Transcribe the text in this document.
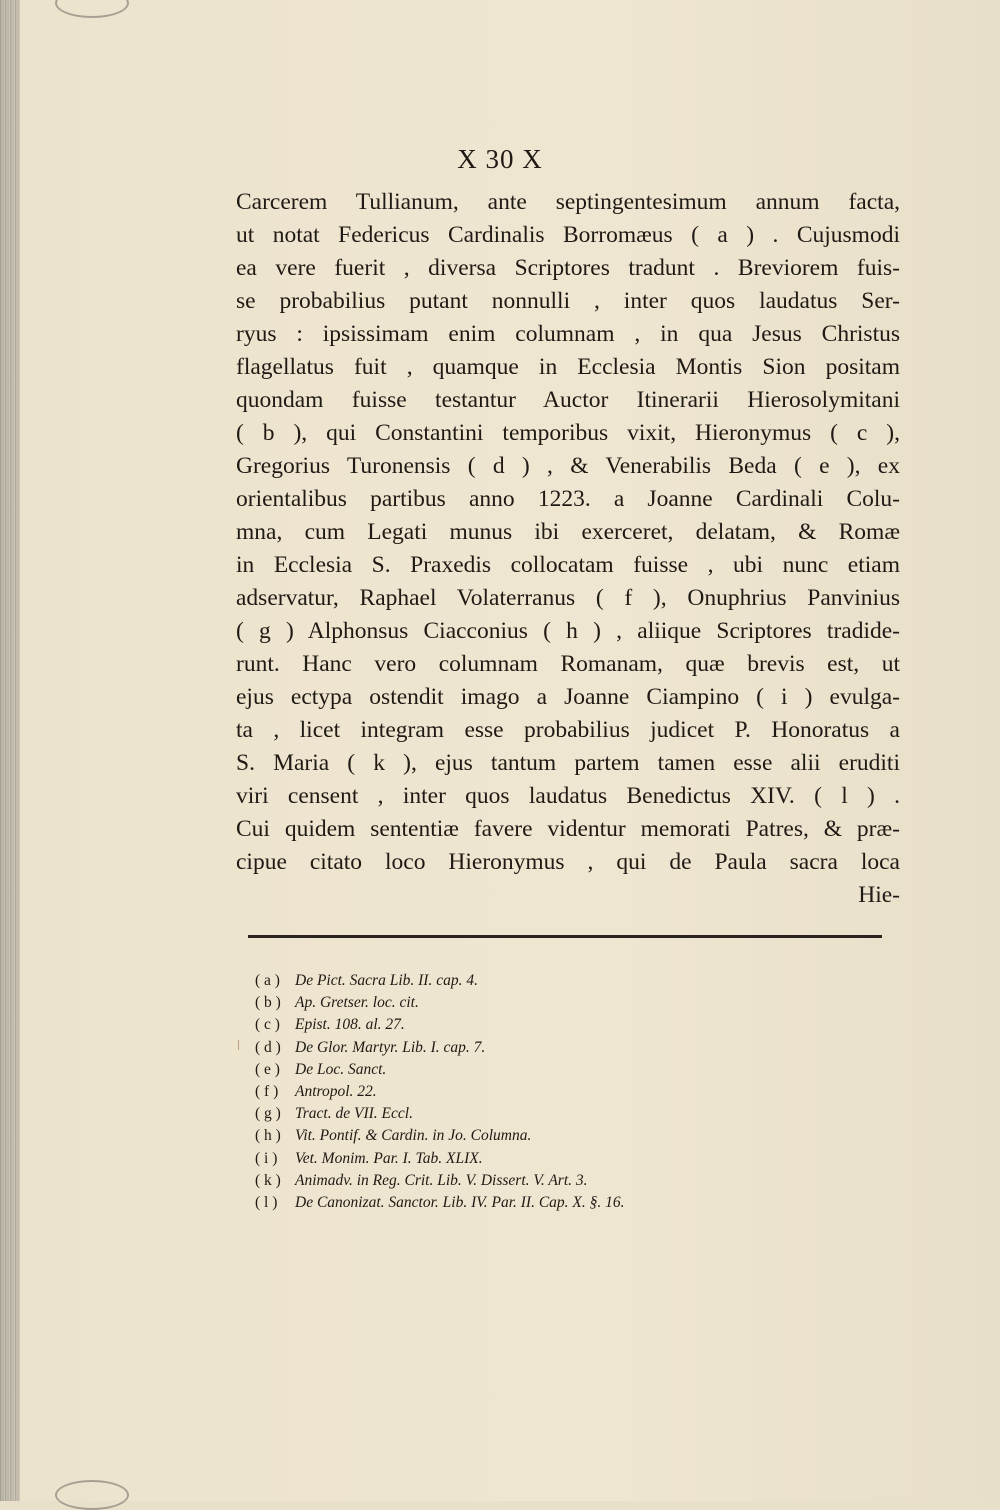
X 30 X
Carcerem Tullianum, ante septingentesimum annum facta,
ut notat Federicus Cardinalis Borromæus ( a ) . Cujusmodi
ea vere fuerit , diversa Scriptores tradunt . Breviorem fuis-
se probabilius putant nonnulli , inter quos laudatus Ser-
ryus : ipsissimam enim columnam , in qua Jesus Christus
flagellatus fuit , quamque in Ecclesia Montis Sion positam
quondam fuisse testantur Auctor Itinerarii Hierosolymitani
( b ), qui Constantini temporibus vixit, Hieronymus ( c ),
Gregorius Turonensis ( d ) , & Venerabilis Beda ( e ), ex
orientalibus partibus anno 1223. a Joanne Cardinali Colu-
mna, cum Legati munus ibi exerceret, delatam, & Romæ
in Ecclesia S. Praxedis collocatam fuisse , ubi nunc etiam
adservatur, Raphael Volaterranus ( f ), Onuphrius Panvinius
( g ) Alphonsus Ciacconius ( h ) , aliique Scriptores tradide-
runt. Hanc vero columnam Romanam, quæ brevis est, ut
ejus ectypa ostendit imago a Joanne Ciampino ( i ) evulga-
ta , licet integram esse probabilius judicet P. Honoratus a
S. Maria ( k ), ejus tantum partem tamen esse alii eruditi
viri censent , inter quos laudatus Benedictus XIV. ( l ) .
Cui quidem sententiæ favere videntur memorati Patres, & præ-
cipue citato loco Hieronymus , qui de Paula sacra loca
Hie-
( a ) De Pict. Sacra Lib. II. cap. 4.
( b ) Ap. Gretser. loc. cit.
( c ) Epist. 108. al. 27.
( d ) De Glor. Martyr. Lib. I. cap. 7.
( e ) De Loc. Sanct.
( f ) Antropol. 22.
( g ) Tract. de VII. Eccl.
( h ) Vit. Pontif. & Cardin. in Jo. Columna.
( i ) Vet. Monim. Par. I. Tab. XLIX.
( k ) Animadv. in Reg. Crit. Lib. V. Dissert. V. Art. 3.
( l ) De Canonizat. Sanctor. Lib. IV. Par. II. Cap. X. §. 16.
